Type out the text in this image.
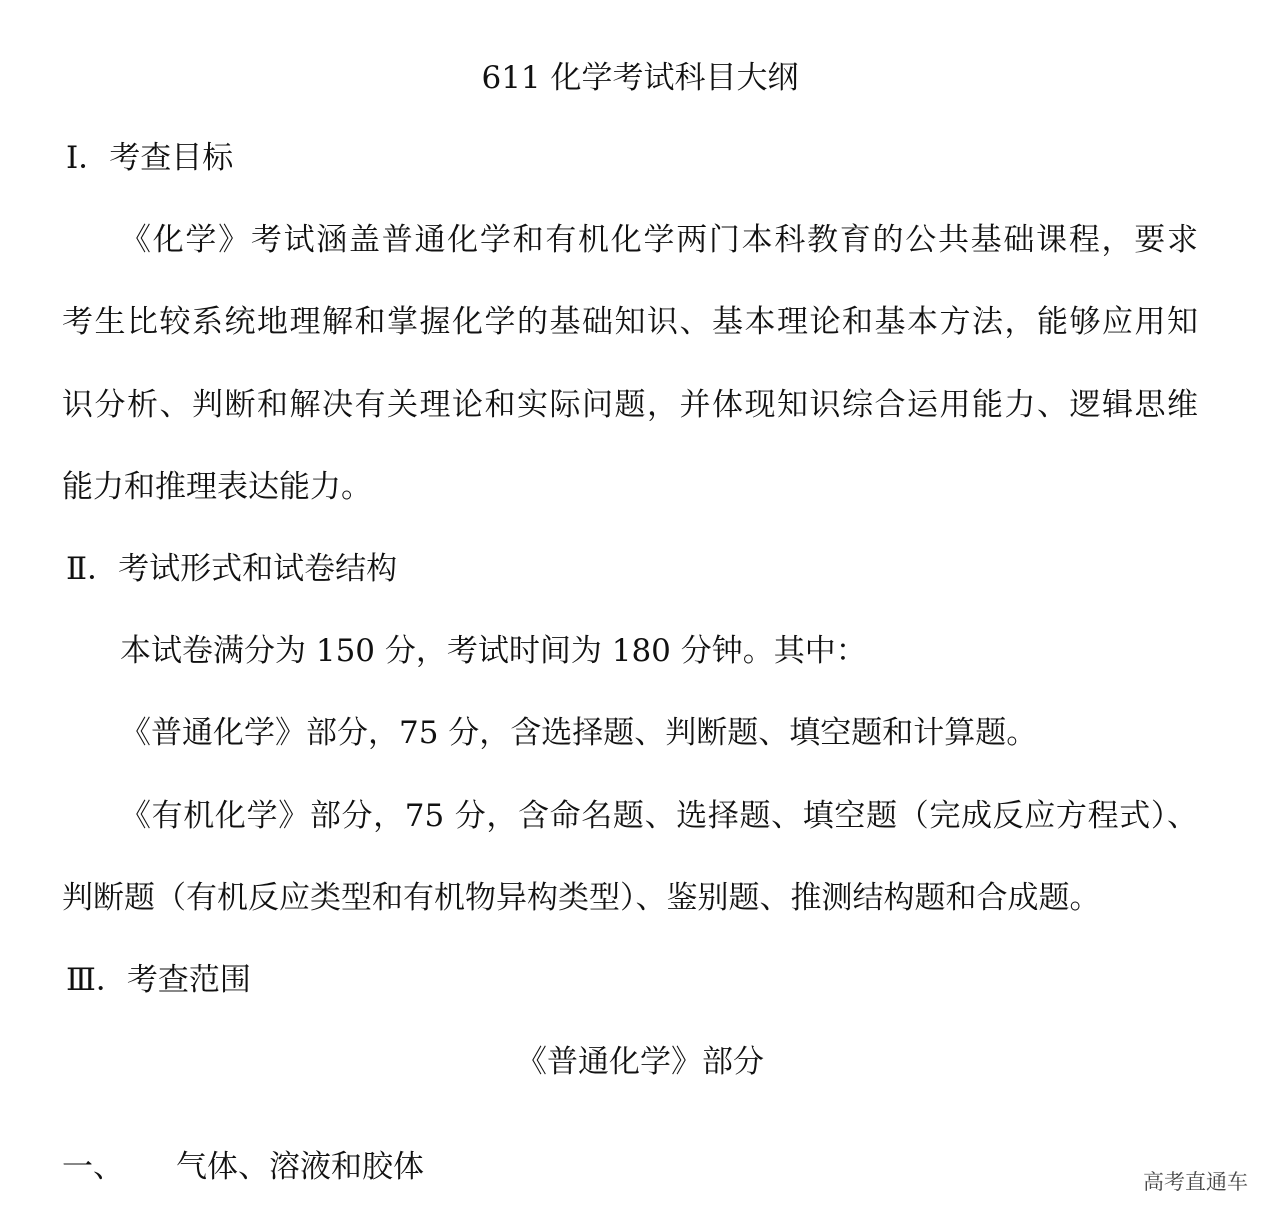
611 化学考试科目大纲
Ⅰ．考查目标
《化学》考试涵盖普通化学和有机化学两门本科教育的公共基础课程，要求
考生比较系统地理解和掌握化学的基础知识、基本理论和基本方法，能够应用知
识分析、判断和解决有关理论和实际问题，并体现知识综合运用能力、逻辑思维
能力和推理表达能力。
Ⅱ．考试形式和试卷结构
本试卷满分为 150 分，考试时间为 180 分钟。其中：
《普通化学》部分，75 分，含选择题、判断题、填空题和计算题。
《有机化学》部分，75 分，含命名题、选择题、填空题（完成反应方程式）、
判断题（有机反应类型和有机物异构类型）、鉴别题、推测结构题和合成题。
Ⅲ．考查范围
《普通化学》部分
一、 气体、溶液和胶体	高考直通车
